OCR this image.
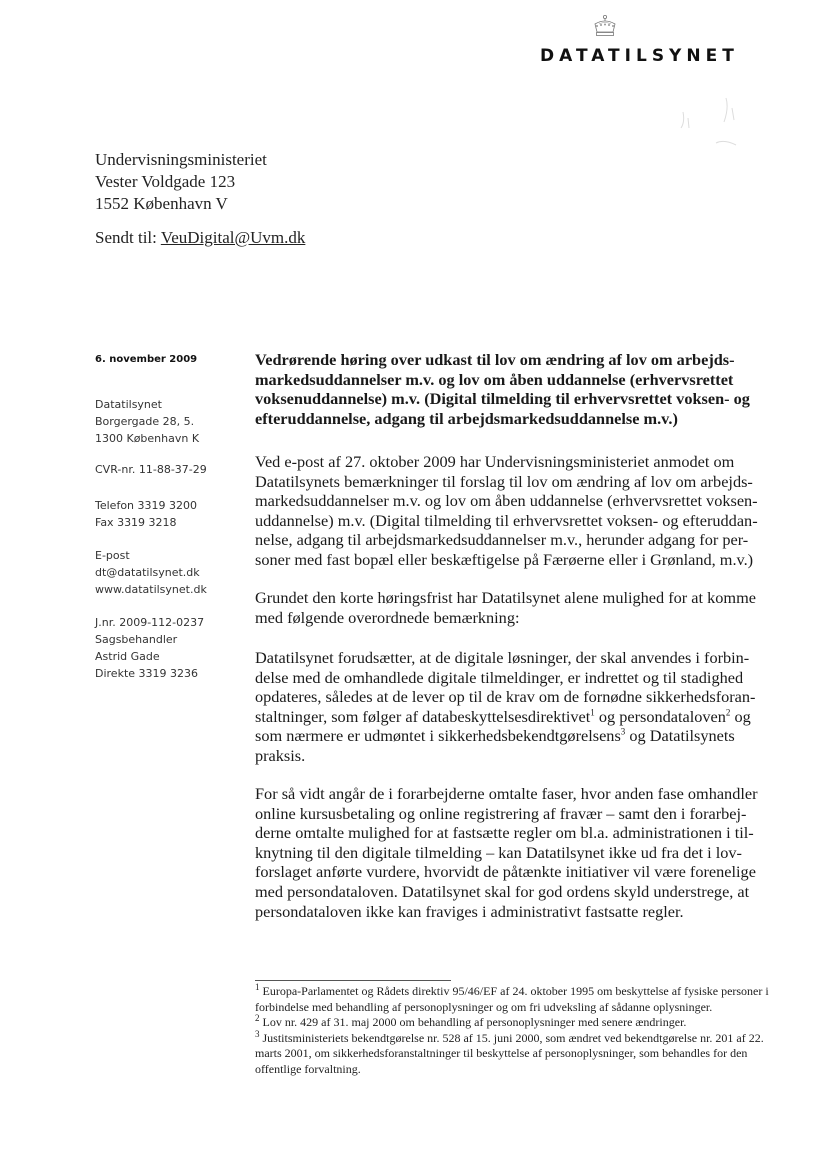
DATATILSYNET
Undervisningsministeriet
Vester Voldgade 123
1552 København V
Sendt til: VeuDigital@Uvm.dk
6. november 2009
Datatilsynet
Borgergade 28, 5.
1300 København K
CVR-nr. 11-88-37-29
Telefon 3319 3200
Fax 3319 3218
E-post
dt@datatilsynet.dk
www.datatilsynet.dk
J.nr. 2009-112-0237
Sagsbehandler
Astrid Gade
Direkte 3319 3236

Vedrørende høring over udkast til lov om ændring af lov om arbejds-markedsuddannelser m.v. og lov om åben uddannelse (erhvervsrettet voksenuddannelse) m.v. (Digital tilmelding til erhvervsrettet voksen- og efteruddannelse, adgang til arbejdsmarkedsuddannelse m.v.)

Ved e-post af 27. oktober 2009 har Undervisningsministeriet anmodet om Datatilsynets bemærkninger til forslag til lov om ændring af lov om arbejds-markedsuddannelser m.v. og lov om åben uddannelse (erhvervsrettet voksen-uddannelse) m.v. (Digital tilmelding til erhvervsrettet voksen- og efteruddan-nelse, adgang til arbejdsmarkedsuddannelser m.v., herunder adgang for per-soner med fast bopæl eller beskæftigelse på Færøerne eller i Grønland, m.v.)

Grundet den korte høringsfrist har Datatilsynet alene mulighed for at komme med følgende overordnede bemærkning:

Datatilsynet forudsætter, at de digitale løsninger, der skal anvendes i forbin-delse med de omhandlede digitale tilmeldinger, er indrettet og til stadighed opdateres, således at de lever op til de krav om de fornødne sikkerhedsforan-staltninger, som følger af databeskyttelsesdirektivet$^1$ og persondataloven$^2$ og som nærmere er udmøntet i sikkerhedsbekendtgørelsens$^3$ og Datatilsynets praksis.

For så vidt angår de i forarbejderne omtalte faser, hvor anden fase omhandler online kursusbetaling og online registrering af fravær – samt den i forarbej-derne omtalte mulighed for at fastsætte regler om bl.a. administrationen i til-knytning til den digitale tilmelding – kan Datatilsynet ikke ud fra det i lov-forslaget anførte vurdere, hvorvidt de påtænkte initiativer vil være forenelige med persondataloven. Datatilsynet skal for god ordens skyld understrege, at persondataloven ikke kan fraviges i administrativt fastsatte regler.

$^1$ Europa-Parlamentet og Rådets direktiv 95/46/EF af 24. oktober 1995 om beskyttelse af fysiske personer i forbindelse med behandling af personoplysninger og om fri udveksling af sådanne oplysninger.

$^2$ Lov nr. 429 af 31. maj 2000 om behandling af personoplysninger med senere ændringer.

$^3$ Justitsministeriets bekendtgørelse nr. 528 af 15. juni 2000, som ændret ved bekendtgørelse nr. 201 af 22. marts 2001, om sikkerhedsforanstaltninger til beskyttelse af personoplysninger, som behandles for den offentlige forvaltning.
